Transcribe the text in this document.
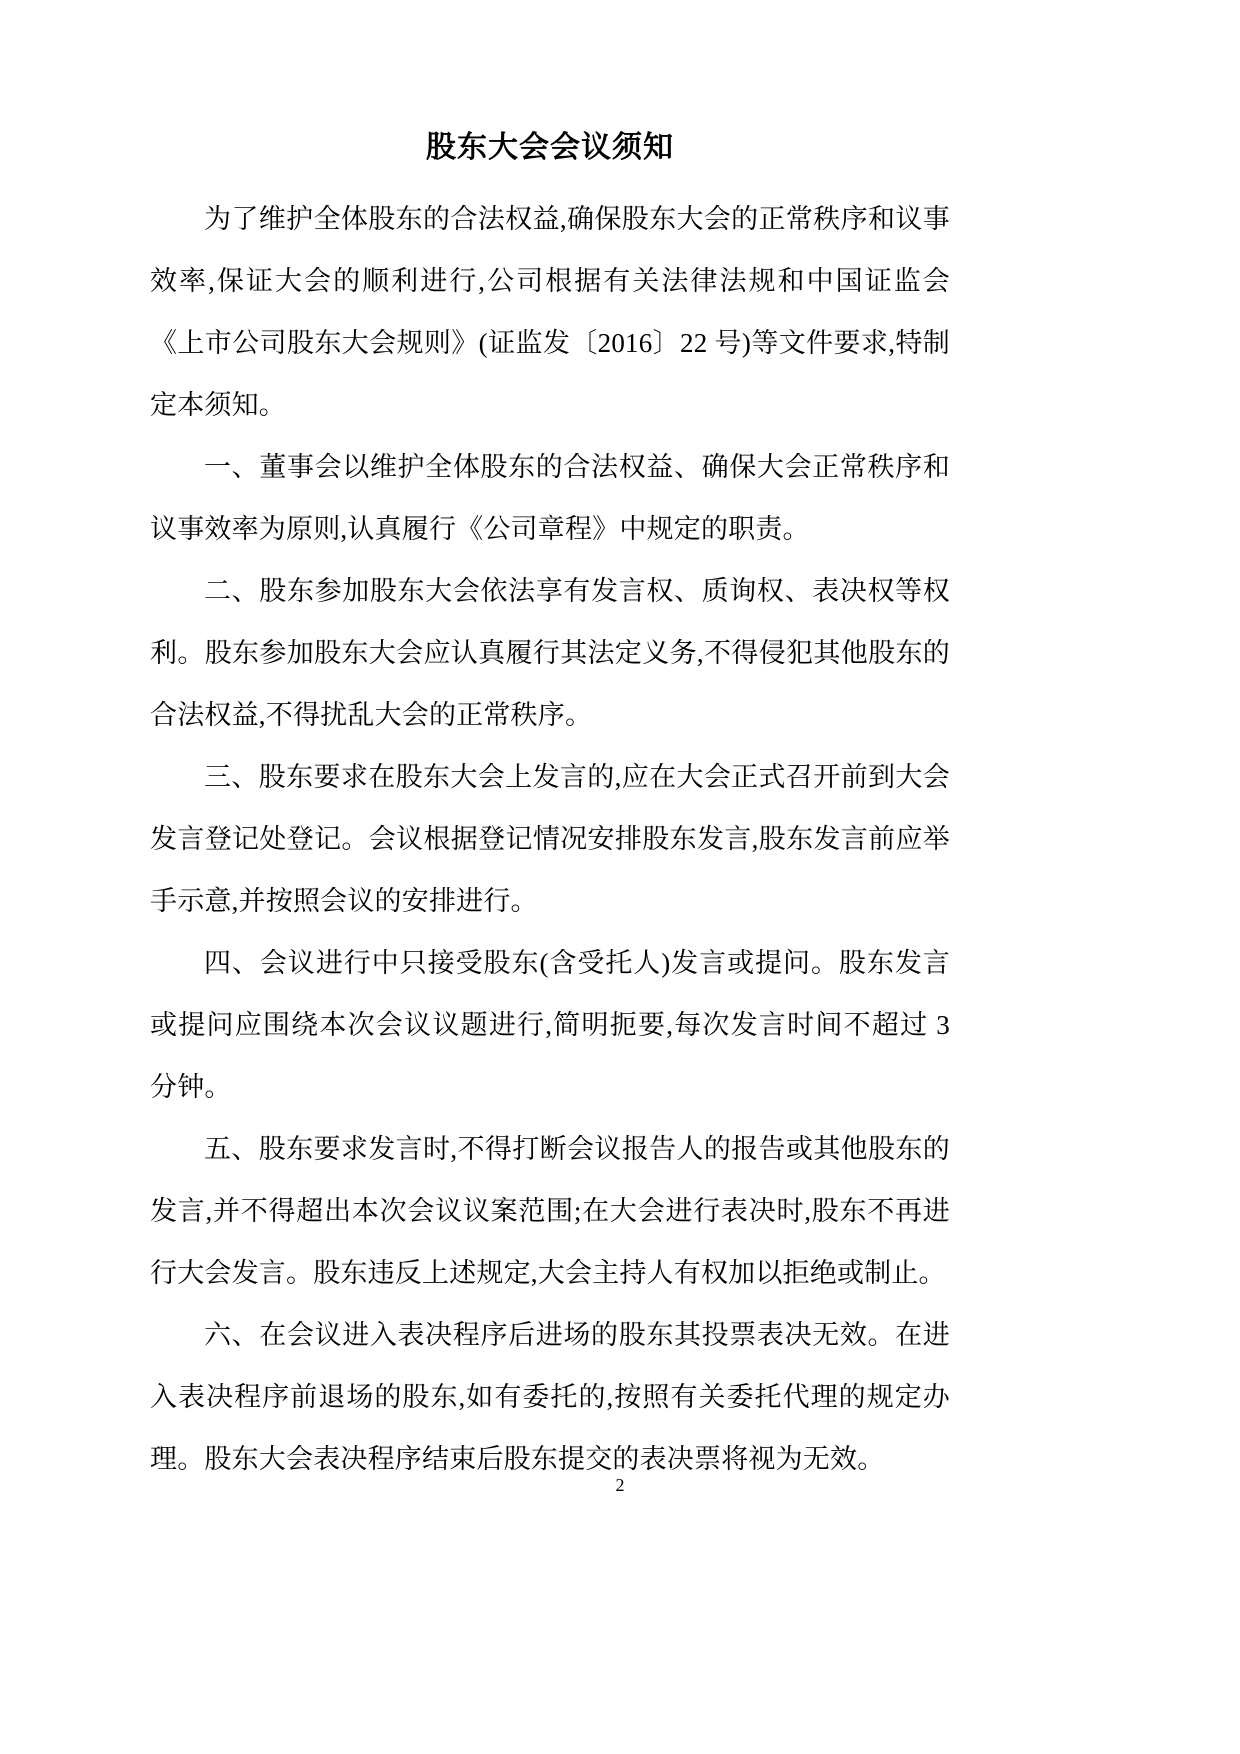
股东大会会议须知

为了维护全体股东的合法权益,确保股东大会的正常秩序和议事效率,保证大会的顺利进行,公司根据有关法律法规和中国证监会《上市公司股东大会规则》(证监发〔2016〕22 号)等文件要求,特制定本须知。

一、董事会以维护全体股东的合法权益、确保大会正常秩序和议事效率为原则,认真履行《公司章程》中规定的职责。

二、股东参加股东大会依法享有发言权、质询权、表决权等权利。股东参加股东大会应认真履行其法定义务,不得侵犯其他股东的合法权益,不得扰乱大会的正常秩序。

三、股东要求在股东大会上发言的,应在大会正式召开前到大会发言登记处登记。会议根据登记情况安排股东发言,股东发言前应举手示意,并按照会议的安排进行。

四、会议进行中只接受股东(含受托人)发言或提问。股东发言或提问应围绕本次会议议题进行,简明扼要,每次发言时间不超过 3 分钟。

五、股东要求发言时,不得打断会议报告人的报告或其他股东的发言,并不得超出本次会议议案范围;在大会进行表决时,股东不再进行大会发言。股东违反上述规定,大会主持人有权加以拒绝或制止。

六、在会议进入表决程序后进场的股东其投票表决无效。在进入表决程序前退场的股东,如有委托的,按照有关委托代理的规定办理。股东大会表决程序结束后股东提交的表决票将视为无效。

2
